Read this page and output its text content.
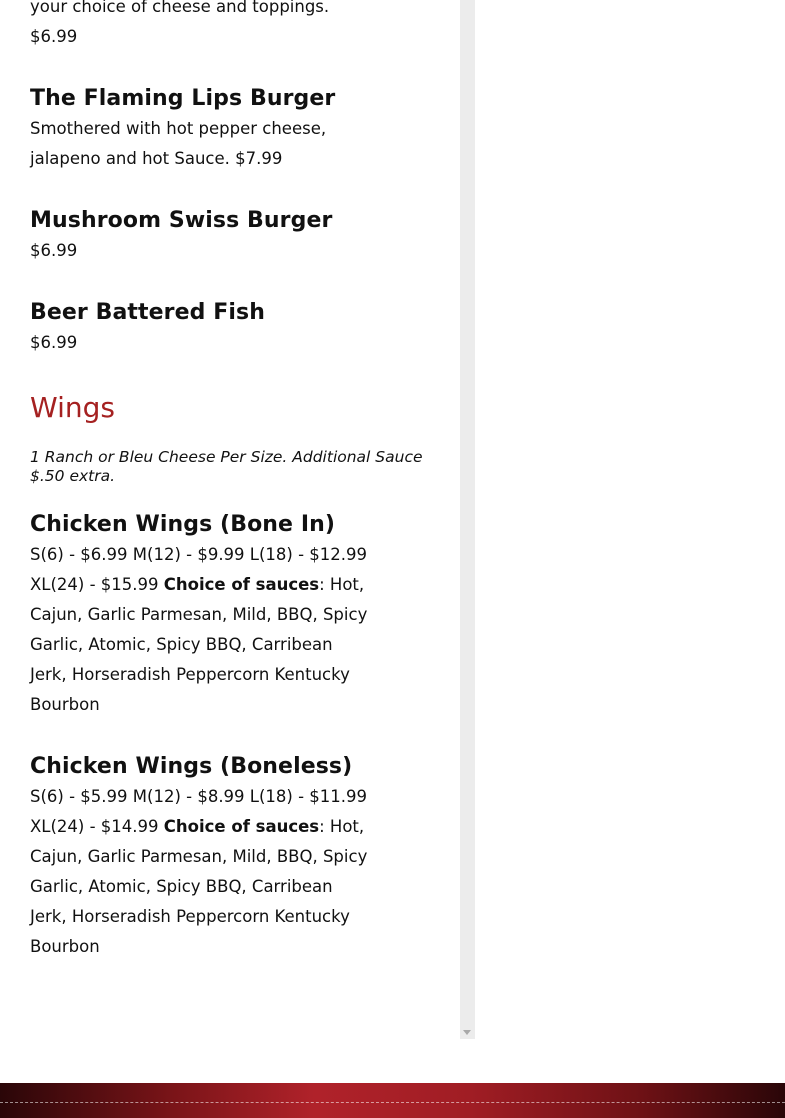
your choice of cheese and toppings.
$6.99
The Flaming Lips Burger
Smothered with hot pepper cheese,
jalapeno and hot Sauce. $7.99
Mushroom Swiss Burger
$6.99
Beer Battered Fish
$6.99
Wings
1 Ranch or Bleu Cheese Per Size. Additional Sauce
$.50 extra.
Chicken Wings (Bone In)
S(6) - $6.99 M(12) - $9.99 L(18) - $12.99
XL(24) - $15.99 Choice of sauces: Hot,
Cajun, Garlic Parmesan, Mild, BBQ, Spicy
Garlic, Atomic, Spicy BBQ, Carribean
Jerk, Horseradish Peppercorn Kentucky
Bourbon
Chicken Wings (Boneless)
S(6) - $5.99 M(12) - $8.99 L(18) - $11.99
XL(24) - $14.99 Choice of sauces: Hot,
Cajun, Garlic Parmesan, Mild, BBQ, Spicy
Garlic, Atomic, Spicy BBQ, Carribean
Jerk, Horseradish Peppercorn Kentucky
Bourbon
